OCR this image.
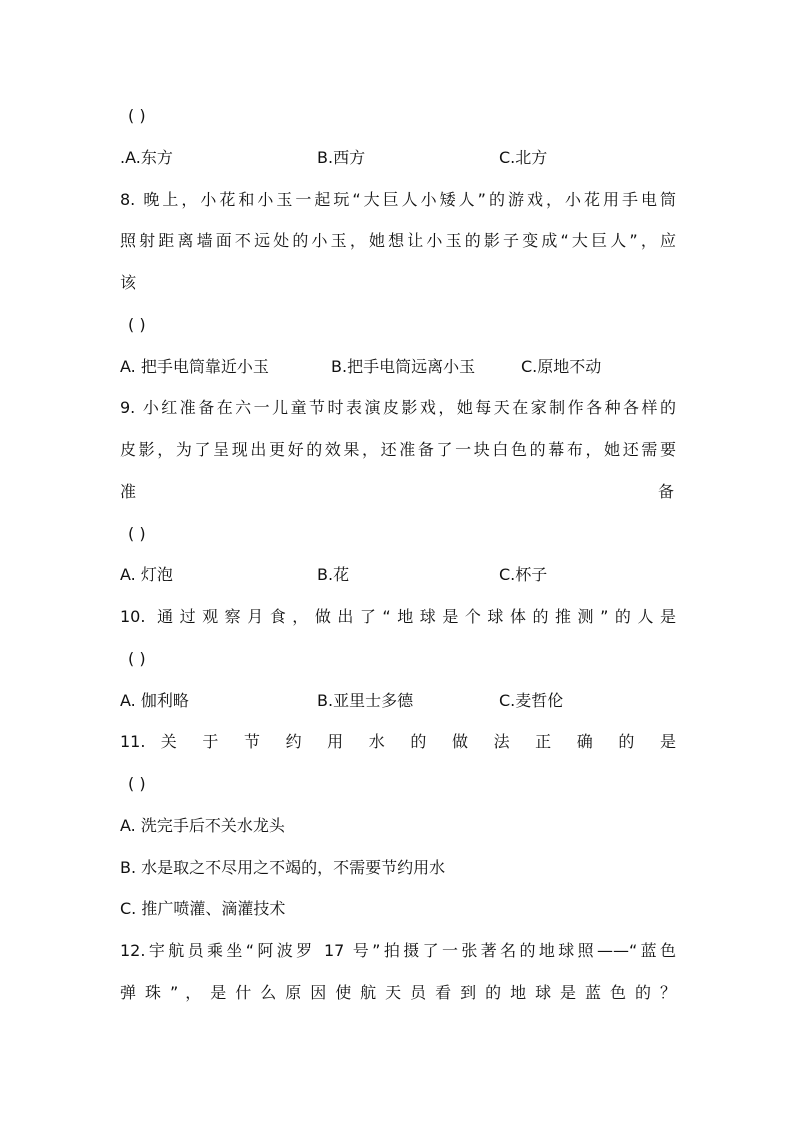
( )
.A.东方	B.西方	C.北方
8. 晚上，小花和小玉一起玩“大巨人小矮人”的游戏，小花用手电筒
照射距离墙面不远处的小玉，她想让小玉的影子变成“大巨人”，应
该
( )
A. 把手电筒靠近小玉	B.把手电筒远离小玉	C.原地不动
9. 小红准备在六一儿童节时表演皮影戏，她每天在家制作各种各样的
皮影，为了呈现出更好的效果，还准备了一块白色的幕布，她还需要
准	备
( )
A. 灯泡	B.花	C.杯子
10. 通过观察月食，做出了“地球是个球体的推测”的人是
( )
A. 伽利略	B.亚里士多德	C.麦哲伦
11. 关 于 节 约 用 水 的 做 法 正 确 的 是
( )
A. 洗完手后不关水龙头
B. 水是取之不尽用之不竭的，不需要节约用水
C. 推广喷灌、滴灌技术
12.宇航员乘坐“阿波罗 17 号”拍摄了一张著名的地球照——“蓝色
弹 珠 ” ， 是 什 么 原 因 使 航 天 员 看 到 的 地 球 是 蓝 色 的 ？
